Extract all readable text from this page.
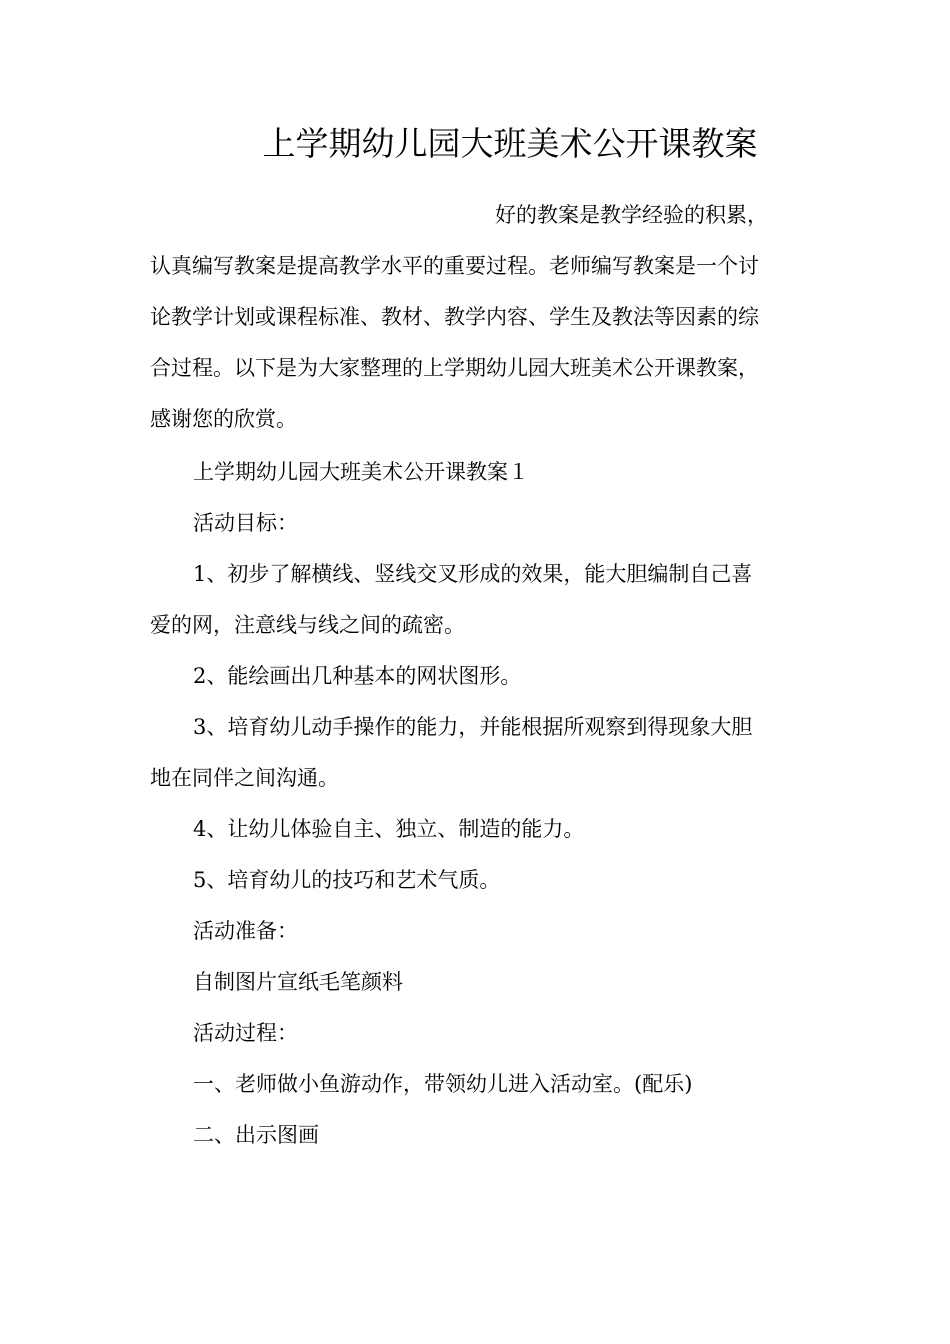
上学期幼儿园大班美术公开课教案
好的教案是教学经验的积累，
认真编写教案是提高教学水平的重要过程。老师编写教案是一个讨
论教学计划或课程标准、教材、教学内容、学生及教法等因素的综
合过程。以下是为大家整理的上学期幼儿园大班美术公开课教案，
感谢您的欣赏。

上学期幼儿园大班美术公开课教案１

活动目标：

1、初步了解横线、竖线交叉形成的效果，能大胆编制自己喜
爱的网，注意线与线之间的疏密。

2、能绘画出几种基本的网状图形。

3、培育幼儿动手操作的能力，并能根据所观察到得现象大胆
地在同伴之间沟通。

4、让幼儿体验自主、独立、制造的能力。

5、培育幼儿的技巧和艺术气质。

活动准备：

自制图片宣纸毛笔颜料

活动过程：

一、老师做小鱼游动作，带领幼儿进入活动室。(配乐)

二、出示图画
